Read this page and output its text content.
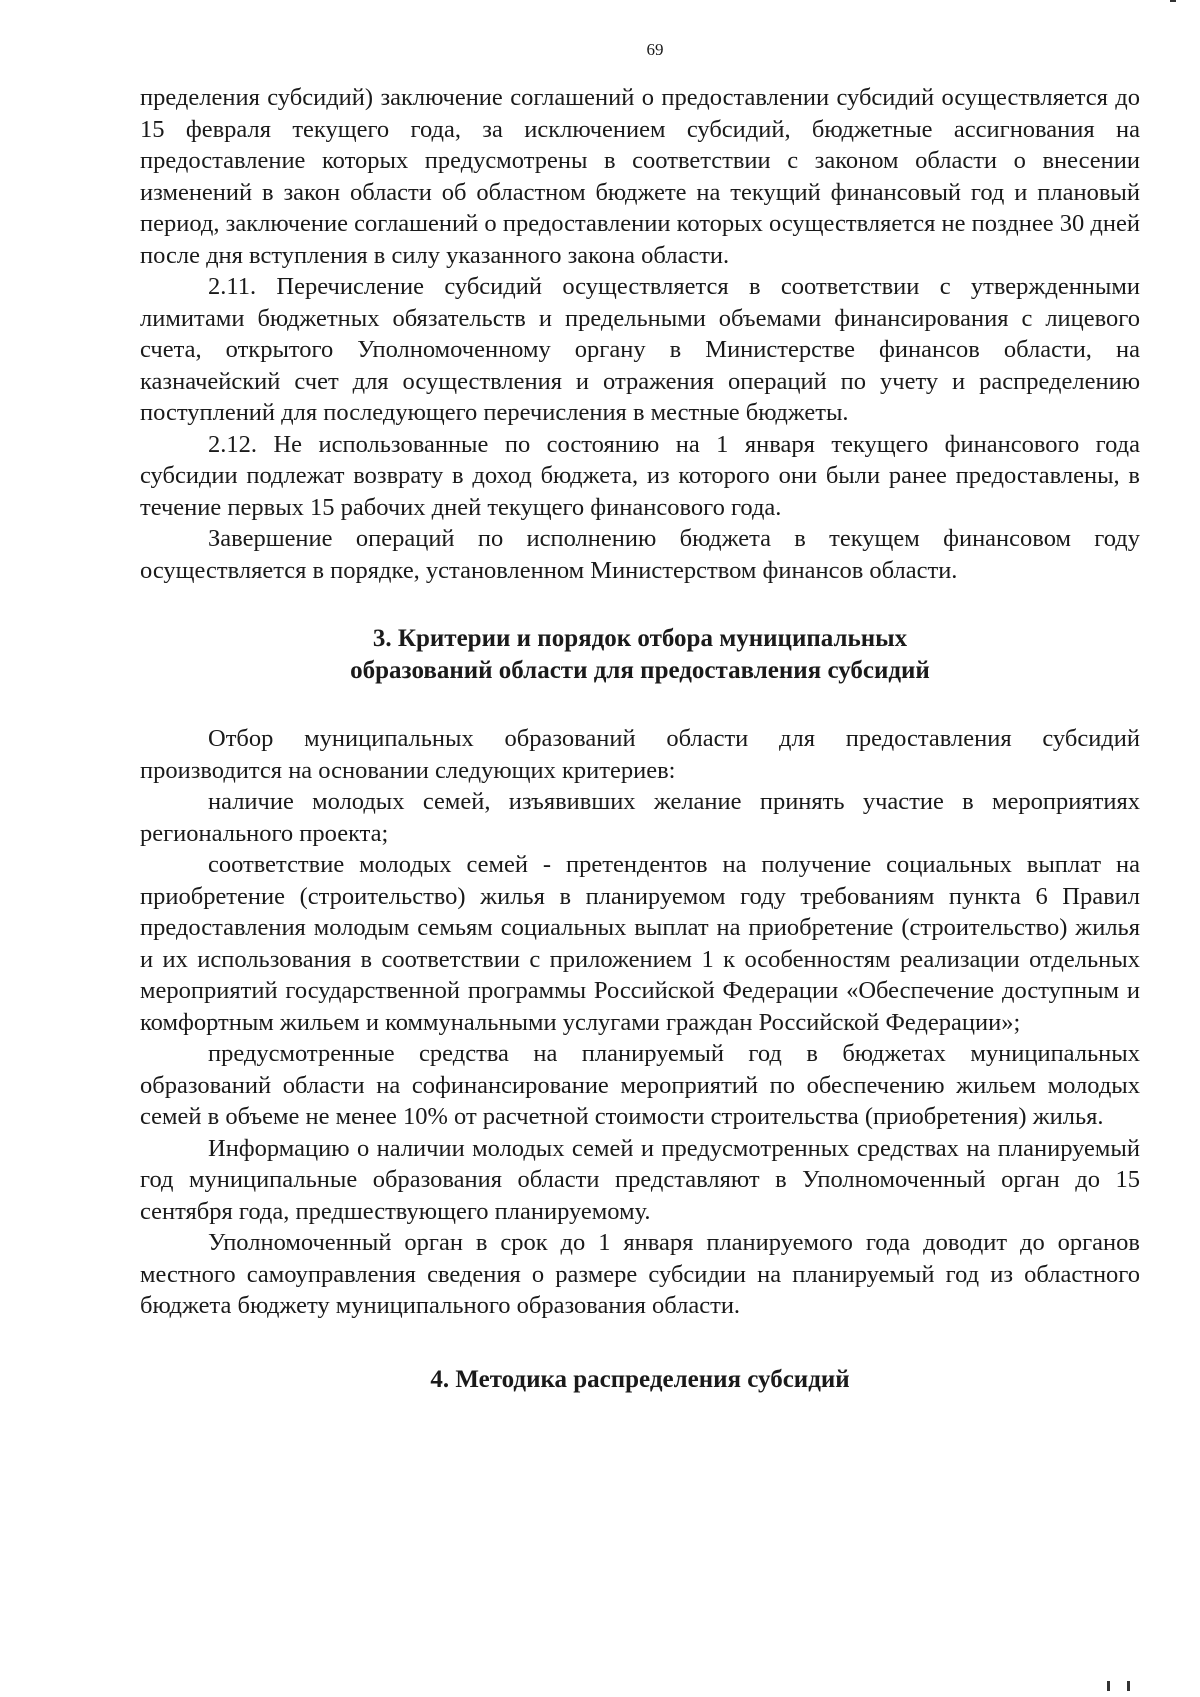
69

пределения субсидий) заключение соглашений о предоставлении субсидий осуществляется до 15 февраля текущего года, за исключением субсидий, бюджетные ассигнования на предоставление которых предусмотрены в соответствии с законом области о внесении изменений в закон области об областном бюджете на текущий финансовый год и плановый период, заключение соглашений о предоставлении которых осуществляется не позднее 30 дней после дня вступления в силу указанного закона области.

2.11. Перечисление субсидий осуществляется в соответствии с утвержденными лимитами бюджетных обязательств и предельными объемами финансирования с лицевого счета, открытого Уполномоченному органу в Министерстве финансов области, на казначейский счет для осуществления и отражения операций по учету и распределению поступлений для последующего перечисления в местные бюджеты.

2.12. Не использованные по состоянию на 1 января текущего финансового года субсидии подлежат возврату в доход бюджета, из которого они были ранее предоставлены, в течение первых 15 рабочих дней текущего финансового года.

Завершение операций по исполнению бюджета в текущем финансовом году осуществляется в порядке, установленном Министерством финансов области.

3. Критерии и порядок отбора муниципальных
образований области для предоставления субсидий

Отбор муниципальных образований области для предоставления субсидий производится на основании следующих критериев:

наличие молодых семей, изъявивших желание принять участие в мероприятиях регионального проекта;

соответствие молодых семей - претендентов на получение социальных выплат на приобретение (строительство) жилья в планируемом году требованиям пункта 6 Правил предоставления молодым семьям социальных выплат на приобретение (строительство) жилья и их использования в соответствии с приложением 1 к особенностям реализации отдельных мероприятий государственной программы Российской Федерации «Обеспечение доступным и комфортным жильем и коммунальными услугами граждан Российской Федерации»;

предусмотренные средства на планируемый год в бюджетах муниципальных образований области на софинансирование мероприятий по обеспечению жильем молодых семей в объеме не менее 10% от расчетной стоимости строительства (приобретения) жилья.

Информацию о наличии молодых семей и предусмотренных средствах на планируемый год муниципальные образования области представляют в Уполномоченный орган до 15 сентября года, предшествующего планируемому.

Уполномоченный орган в срок до 1 января планируемого года доводит до органов местного самоуправления сведения о размере субсидии на планируемый год из областного бюджета бюджету муниципального образования области.

4. Методика распределения субсидий
